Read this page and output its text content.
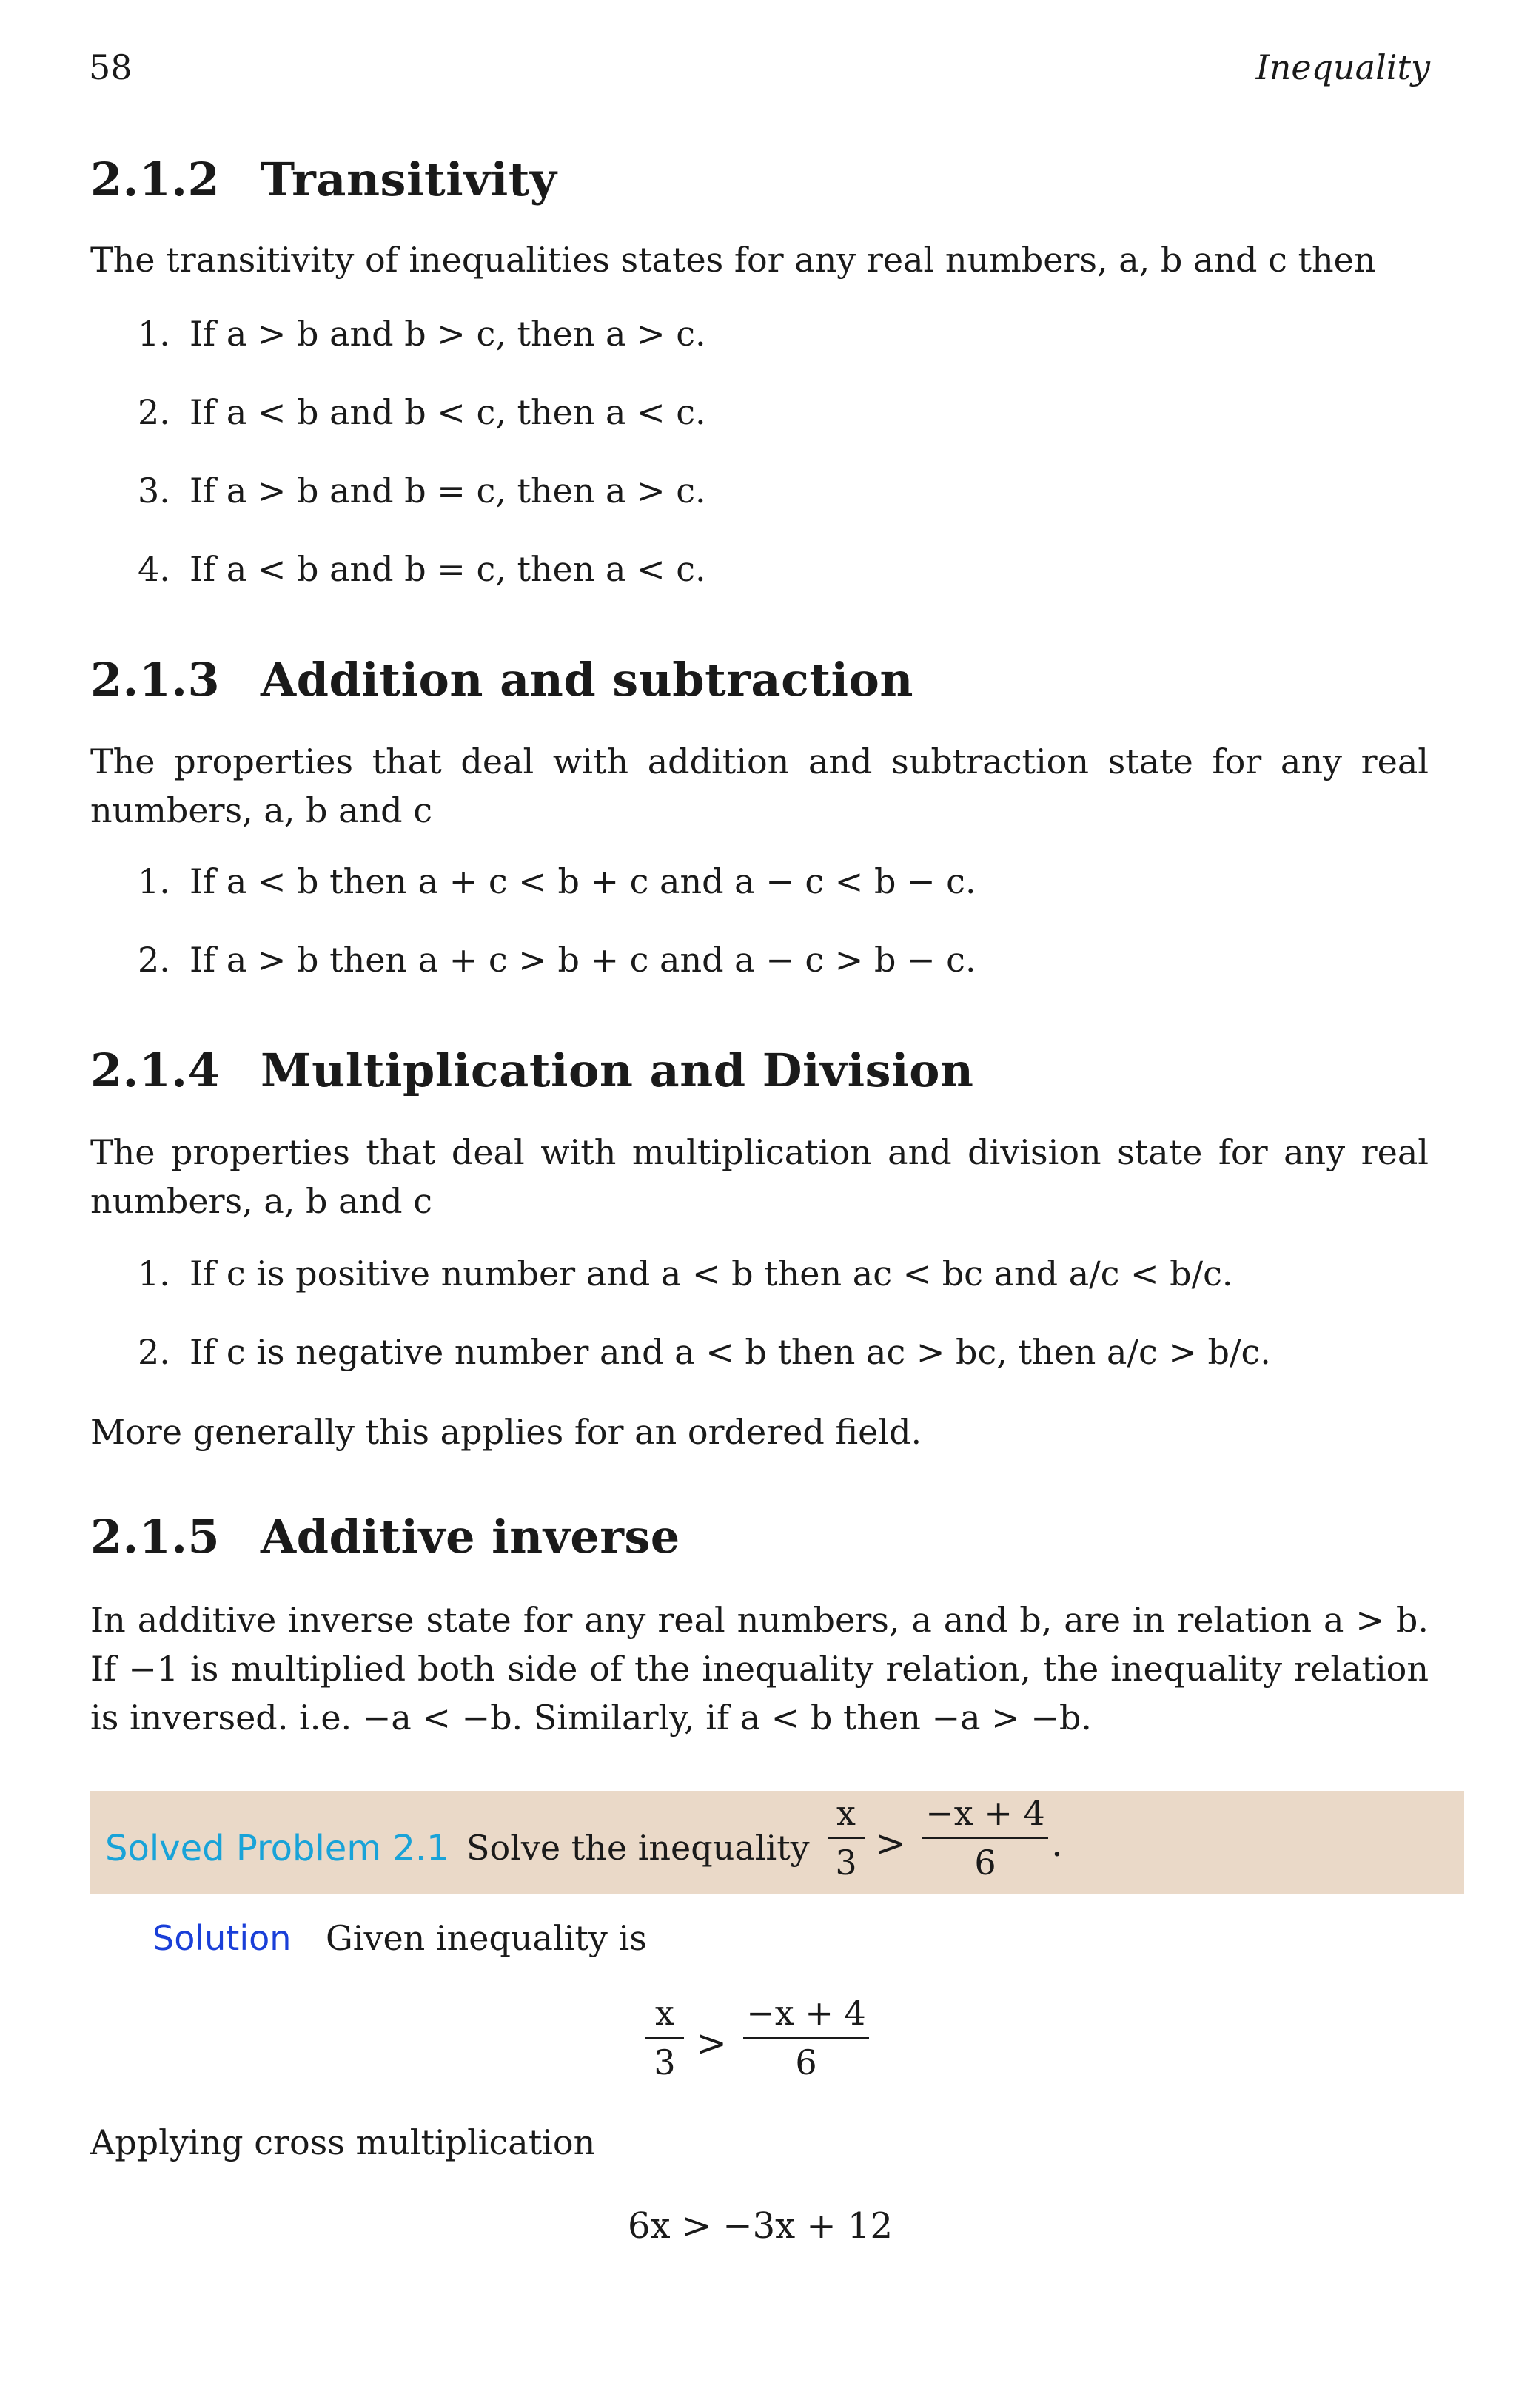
58	Inequality
2.1.2 Transitivity
The transitivity of inequalities states for any real numbers, a, b and c then
1. If a > b and b > c, then a > c.
2. If a < b and b < c, then a < c.
3. If a > b and b = c, then a > c.
4. If a < b and b = c, then a < c.
2.1.3 Addition and subtraction
The properties that deal with addition and subtraction state for any real
numbers, a, b and c
1. If a < b then a + c < b + c and a − c < b − c.
2. If a > b then a + c > b + c and a − c > b − c.
2.1.4 Multiplication and Division
The properties that deal with multiplication and division state for any real
numbers, a, b and c
1. If c is positive number and a < b then ac < bc and a/c < b/c.
2. If c is negative number and a < b then ac > bc, then a/c > b/c.
More generally this applies for an ordered field.
2.1.5 Additive inverse
In additive inverse state for any real numbers, a and b, are in relation a > b.
If −1 is multiplied both side of the inequality relation, the inequality relation
is inversed. i.e. −a < −b. Similarly, if a < b then −a > −b.
Solved Problem 2.1 Solve the inequality
x
3 >
−x + 4
6	.
Solution Given inequality is
x
3 >
−x + 4
6
Applying cross multiplication
6x > −3x + 12
